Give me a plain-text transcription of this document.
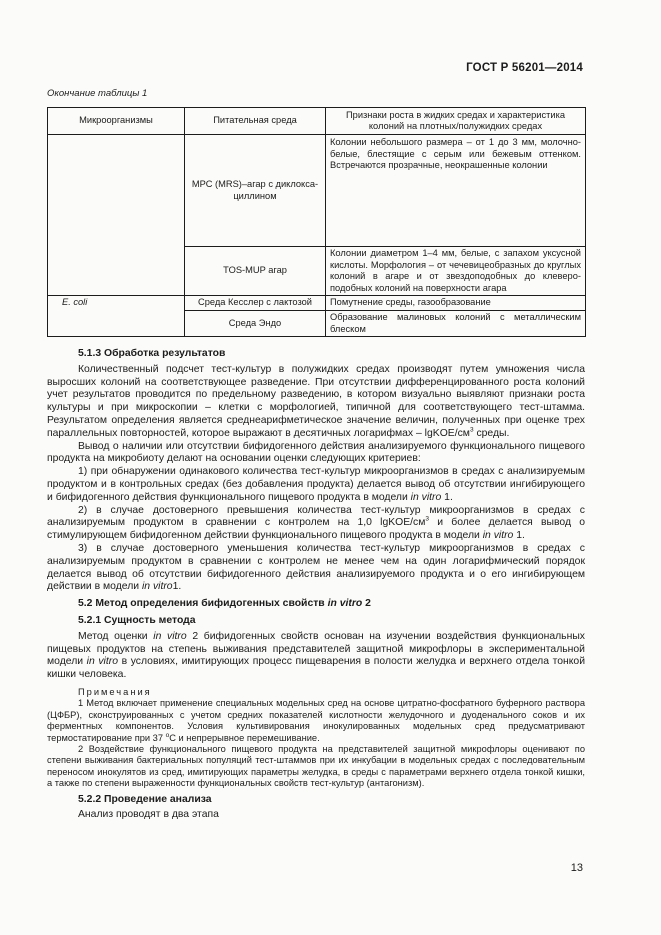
ГОСТ Р 56201—2014
Окончание таблицы 1
Микроорганизмы	Питательная среда	Признаки роста в жидких средах и характеристика колоний на плотных/полужидких средах
	МРС (MRS)–агар с диклокса-циллином	Колонии небольшого размера – от 1 до 3 мм, молочно-белые, блестящие с серым или бежевым оттенком. Встречаются прозрачные, неокрашенные колонии
	TOS-MUP агар	Колонии диаметром 1–4 мм, белые, с запахом уксусной кислоты. Морфология – от чечевицеобразных до круглых колоний в агаре и от звездоподобных до клевероподобных колоний на поверхности агара
E. coli	Среда Кесслер с лактозой	Помутнение среды, газообразование
	Среда Эндо	Образование малиновых колоний с металлическим блеском
5.1.3 Обработка результатов

Количественный подсчет тест-культур в полужидких средах производят путем умножения числа выросших колоний на соответствующее разведение. При отсутствии дифференцированного роста колоний учет результатов проводится по предельному разведению, в котором визуально выявляют признаки роста культуры и при микроскопии – клетки с морфологией, типичной для соответствующего тест-штамма. Результатом определения является среднеарифметическое значение величин, полученных при оценке трех параллельных повторностей, которое выражают в десятичных логарифмах – lgKOE/$см^3$ среды.

Вывод о наличии или отсутствии бифидогенного действия анализируемого функционального пищевого продукта на микробиоту делают на основании оценки следующих критериев:

1) при обнаружении одинакового количества тест-культур микроорганизмов в средах с анализируемым продуктом и в контрольных средах (без добавления продукта) делается вывод об отсутствии ингибирующего и бифидогенного действия функционального пищевого продукта в модели in vitro 1.

2) в случае достоверного превышения количества тест-культур микроорганизмов в средах с анализируемым продуктом в сравнении с контролем на 1,0 lgKOE/$см^3$ и более делается вывод о стимулирующем бифидогенном действии функционального пищевого продукта в модели in vitro 1.

3) в случае достоверного уменьшения количества тест-культур микроорганизмов в средах с анализируемым продуктом в сравнении с контролем не менее чем на один логарифмический порядок делается вывод об отсутствии бифидогенного действия анализируемого продукта и о его ингибирующем действии в модели in vitro1.

5.2 Метод определения бифидогенных свойств in vitro 2
5.2.1 Сущность метода

Метод оценки in vitro 2 бифидогенных свойств основан на изучении воздействия функциональных пищевых продуктов на степень выживания представителей защитной микрофлоры в экспериментальной модели in vitro в условиях, имитирующих процесс пищеварения в полости желудка и верхнего отдела тонкой кишки человека.

Примечания

1 Метод включает применение специальных модельных сред на основе цитратно-фосфатного буферного раствора (ЦФБР), сконструированных с учетом средних показателей кислотности желудочного и дуоденального соков и их ферментных компонентов. Условия культивирования инокулированных модельных сред предусматривают термостатирование при 37 $^о$С и непрерывное перемешивание.

2 Воздействие функционального пищевого продукта на представителей защитной микрофлоры оценивают по степени выживания бактериальных популяций тест-штаммов при их инкубации в модельных средах с последовательным переносом инокулятов из сред, имитирующих параметры желудка, в среды с параметрами верхнего отдела тонкой кишки, а также по степени выраженности функциональных свойств тест-культур (антагонизм).

5.2.2 Проведение анализа

Анализ проводят в два этапа

13
